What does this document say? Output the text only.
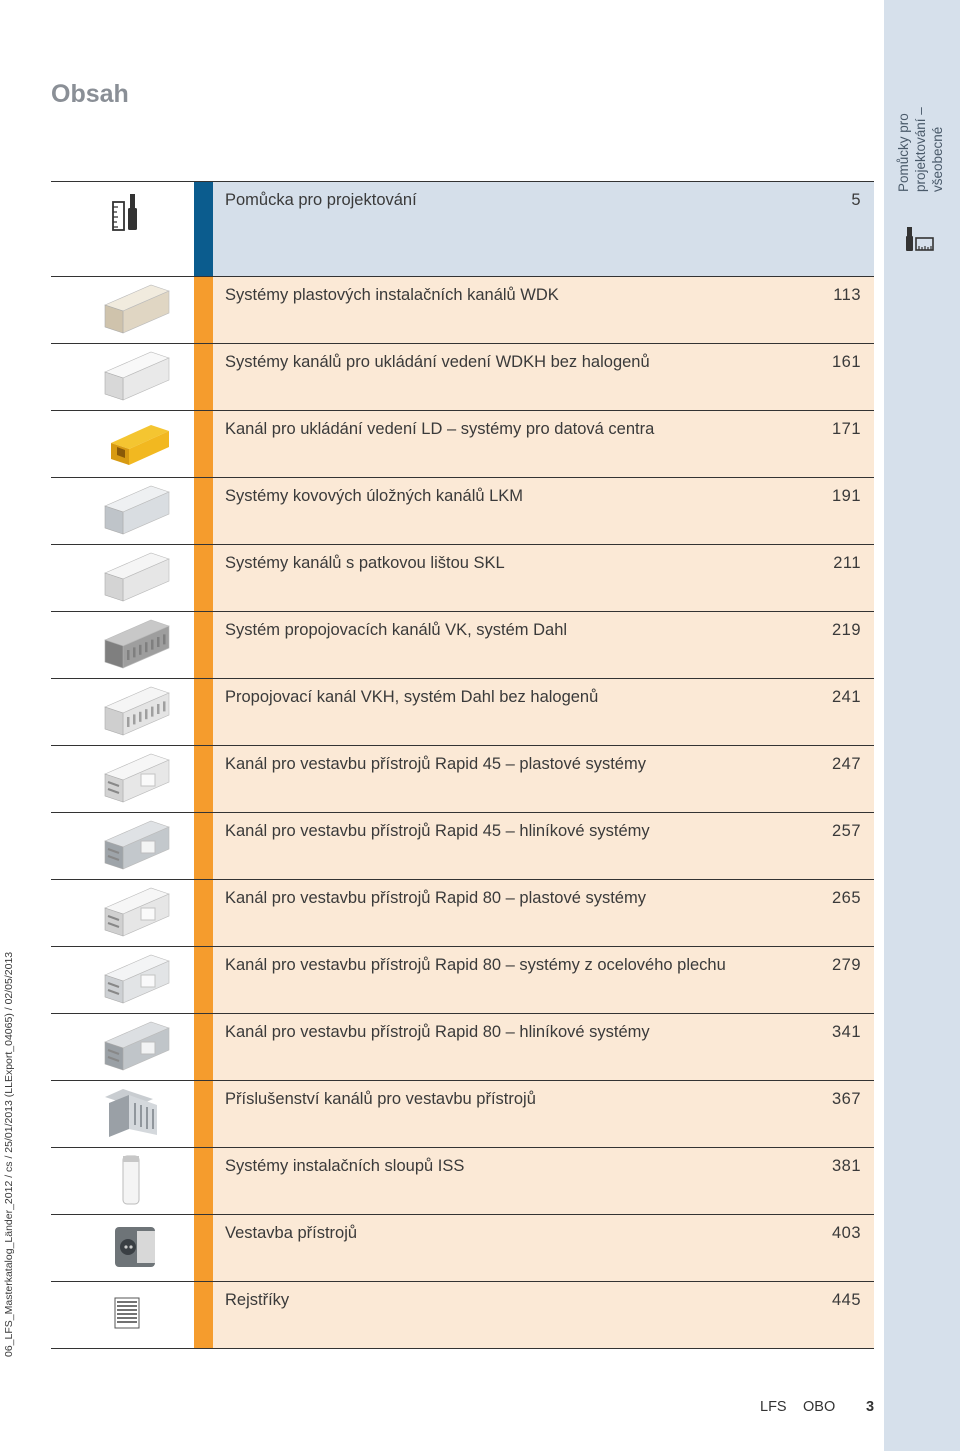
Pomůcky pro projektování – všeobecné
Obsah
06_LFS_Masterkatalog_Länder_2012 / cs / 25/01/2013 (LLExport_04065) / 02/05/2013
Pomůcka pro projektování	5
Systémy plastových instalačních kanálů WDK	113
Systémy kanálů pro ukládání vedení WDKH bez halogenů	161
Kanál pro ukládání vedení LD – systémy pro datová centra	171
Systémy kovových úložných kanálů LKM	191
Systémy kanálů s patkovou lištou SKL	211
Systém propojovacích kanálů VK, systém Dahl	219
Propojovací kanál VKH, systém Dahl bez halogenů	241
Kanál pro vestavbu přístrojů Rapid 45 – plastové systémy	247
Kanál pro vestavbu přístrojů Rapid 45 – hliníkové systémy	257
Kanál pro vestavbu přístrojů Rapid 80 – plastové systémy	265
Kanál pro vestavbu přístrojů Rapid 80 – systémy z ocelového plechu	279
Kanál pro vestavbu přístrojů Rapid 80 – hliníkové systémy	341
Příslušenství kanálů pro vestavbu přístrojů	367
Systémy instalačních sloupů ISS	381
Vestavba přístrojů	403
Rejstříky	445
LFS OBO 3
